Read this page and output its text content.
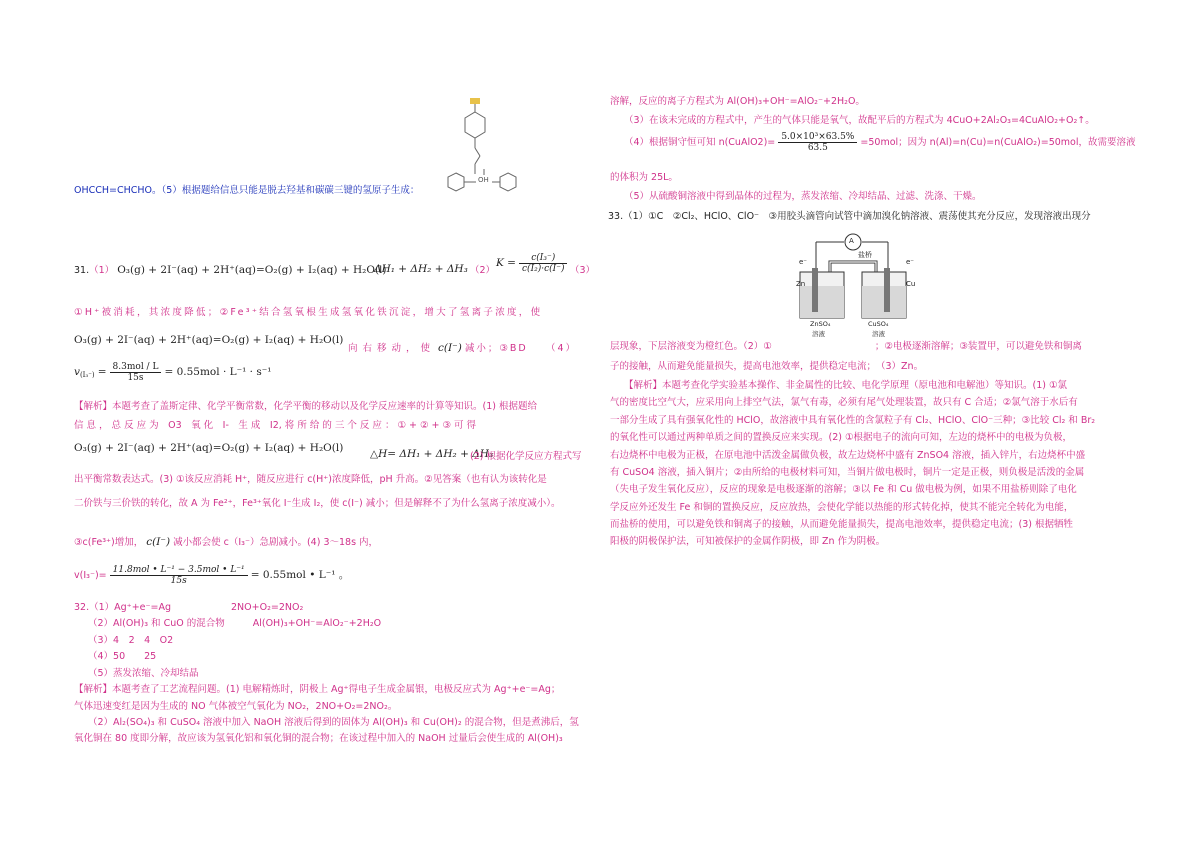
OH
OHCCH=CHCHO。（5）根据题给信息只能是脱去羟基和碳碳三键的氢原子生成：
31.（1） O₃(g) + 2I⁻(aq) + 2H⁺(aq)=O₂(g) + I₂(aq) + H₂O(l)
ΔH₁ + ΔH₂ + ΔH₃ （2）
$K = \frac{\text{c(I₃⁻)}}{\text{c(I₂)·c(I⁻)}} (3)$
①H⁺被消耗，其浓度降低；②Fe³⁺结合氢氧根生成氢氧化铁沉淀，增大了氢离子浓度，使
O₃(g) + 2I⁻(aq) + 2H⁺(aq)=O₂(g) + I₂(aq) + H₂O(l)
向右移动，使 c(I⁻) 减小；③BD　　（4）
$v_{(I_3^-)} = \frac{\text{8.3mol / L}}{15s} = 0.55mol \cdot L^{-1} \cdot s^{-1}$
【解析】本题考查了盖斯定律、化学平衡常数，化学平衡的移动以及化学反应速率的计算等知识。(1) 根据题给
信 息 ， 总 反 应 为　O3　氧 化　I-　生 成　I2, 将 所 给 的 三 个 反 应 ： ① + ② + ③ 可 得
O₃(g) + 2I⁻(aq) + 2H⁺(aq)=O₂(g) + I₂(aq) + H₂O(l)	△H= ΔH₁ + ΔH₂ + ΔH₃
(2) 根据化学反应方程式写
出平衡常数表达式。(3) ①该反应消耗 H⁺，随反应进行 c(H⁺)浓度降低，pH 升高。②见答案（也有认为该转化是
二价铁与三价铁的转化，故 A 为 Fe²⁺，Fe³⁺氧化 I⁻生成 I₂，使 c(I⁻) 减小；但是解释不了为什么氢离子浓度减小）。
③c(Fe³⁺)增加， c(I⁻) 减小都会使 c（I₃⁻）急剧减小。(4) 3～18s 内，
$v(I_3^-)= \frac{\text{11.8mol • L⁻¹ − 3.5mol • L⁻¹}}{15s} = 0.55mol$ • L⁻¹ 。
32.（1）Ag⁺+e⁻=Ag	2NO+O₂=2NO₂
（2）Al(OH)₃ 和 CuO 的混合物	Al(OH)₃+OH⁻=AlO₂⁻+2H₂O
（3）4　2　4　O2
（4）50　　25
（5）蒸发浓缩、冷却结晶
【解析】本题考查了工艺流程问题。(1) 电解精炼时，阴极上 Ag⁺得电子生成金属银，电极反应式为 Ag⁺+e⁻=Ag；
气体迅速变红是因为生成的 NO 气体被空气氧化为 NO₂，2NO+O₂=2NO₂。
（2）Al₂(SO₄)₃ 和 CuSO₄ 溶液中加入 NaOH 溶液后得到的固体为 Al(OH)₃ 和 Cu(OH)₂ 的混合物，但是煮沸后，氢
氧化铜在 80 度即分解，故应该为氢氧化铝和氧化铜的混合物；在该过程中加入的 NaOH 过量后会使生成的 Al(OH)₃
溶解，反应的离子方程式为 Al(OH)₃+OH⁻=AlO₂⁻+2H₂O。
（3）在该未完成的方程式中，产生的气体只能是氧气，故配平后的方程式为 4CuO+2Al₂O₃=4CuAlO₂+O₂↑。
（4）根据铜守恒可知 n(CuAlO2)= $\frac{\text{5.0×10³×63.5\%}}{63.5} =50mol$；因为 n(Al)=n(Cu)=n(CuAlO₂)=50mol，故需要溶液
的体积为 25L。
（5）从硫酸铜溶液中得到晶体的过程为，蒸发浓缩、冷却结晶、过滤、洗涤、干燥。
33.（1）①C　②Cl₂、HClO、ClO⁻　③用胶头滴管向试管中滴加溴化钠溶液、震荡使其充分反应，发现溶液出现分
A
盐桥
e⁻	e⁻
Zn	Cu
ZnSO₄
溶液
CuSO₄
溶液
层现象，下层溶液变为橙红色。（2）①	；②电极逐渐溶解；③装置甲，可以避免铁和铜离
子的接触，从而避免能量损失，提高电池效率，提供稳定电流；　（3）Zn。
【解析】本题考查化学实验基本操作、非金属性的比较、电化学原理（原电池和电解池）等知识。(1) ①氯
气的密度比空气大，应采用向上排空气法，氯气有毒，必须有尾气处理装置，故只有 C 合适；②氯气溶于水后有
一部分生成了具有强氧化性的 HClO，故溶液中具有氧化性的含氯粒子有 Cl₂、HClO、ClO⁻三种；③比较 Cl₂ 和 Br₂
的氧化性可以通过两种单质之间的置换反应来实现。(2) ①根据电子的流向可知，左边的烧杯中的电极为负极，
右边烧杯中电极为正极，在原电池中活泼金属做负极，故左边烧杯中盛有 ZnSO4 溶液，插入锌片，右边烧杯中盛
有 CuSO4 溶液，插入铜片；②由所给的电极材料可知，当铜片做电极时，铜片一定是正极，则负极是活泼的金属
（失电子发生氧化反应），反应的现象是电极逐渐的溶解；③以 Fe 和 Cu 做电极为例，如果不用盐桥则除了电化
学反应外还发生 Fe 和铜的置换反应，反应放热，会使化学能以热能的形式转化掉，使其不能完全转化为电能，
而盐桥的使用，可以避免铁和铜离子的接触，从而避免能量损失，提高电池效率，提供稳定电流；(3) 根据牺牲
阳极的阴极保护法，可知被保护的金属作阴极，即 Zn 作为阴极。
